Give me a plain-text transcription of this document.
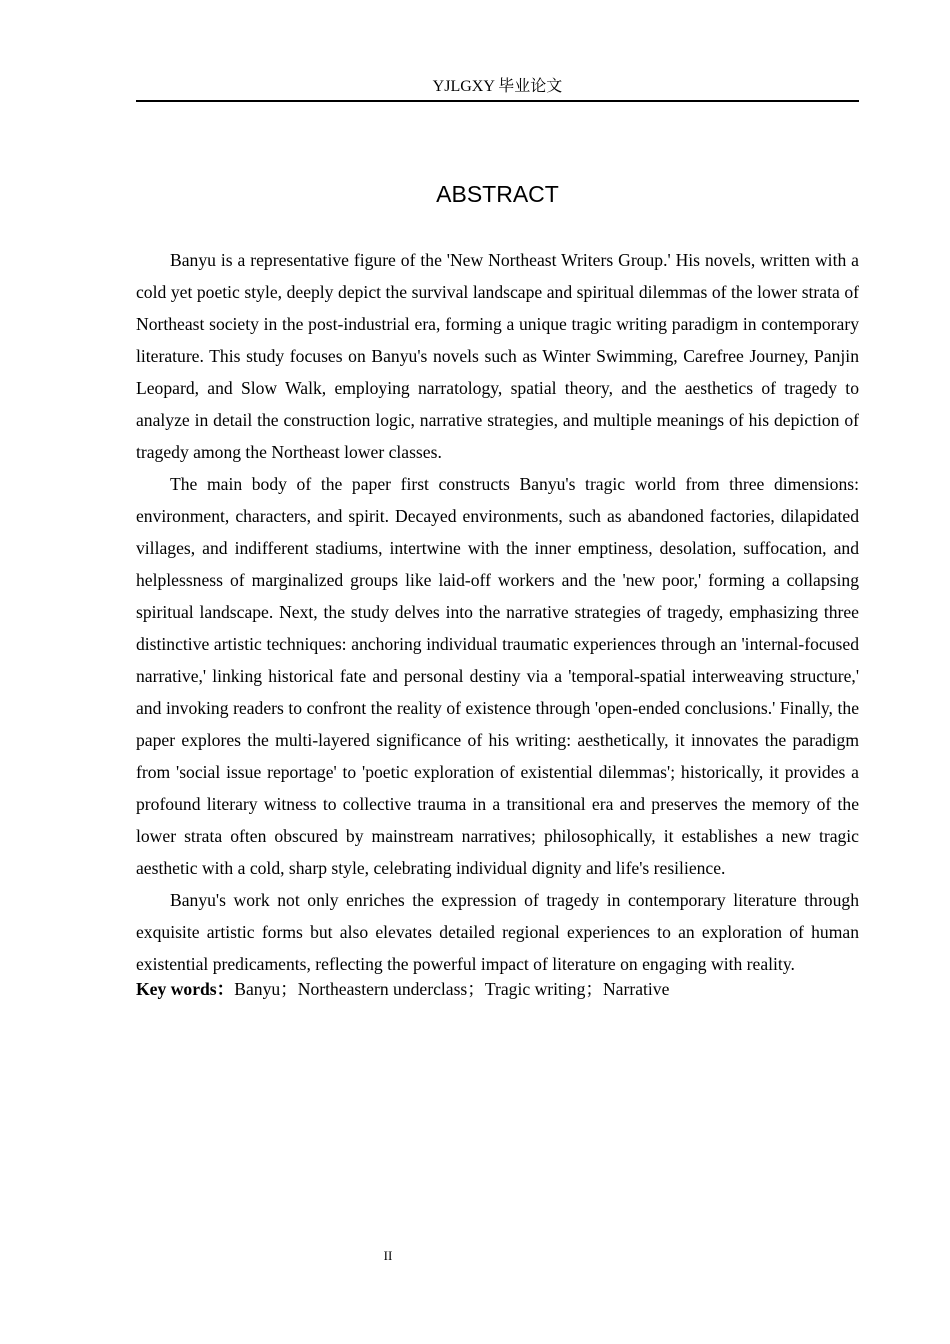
YJLGXY 毕业论文
ABSTRACT

Banyu is a representative figure of the 'New Northeast Writers Group.' His novels, written with a cold yet poetic style, deeply depict the survival landscape and spiritual dilemmas of the lower strata of Northeast society in the post-industrial era, forming a unique tragic writing paradigm in contemporary literature. This study focuses on Banyu's novels such as Winter Swimming, Carefree Journey, Panjin Leopard, and Slow Walk, employing narratology, spatial theory, and the aesthetics of tragedy to analyze in detail the construction logic, narrative strategies, and multiple meanings of his depiction of tragedy among the Northeast lower classes.

The main body of the paper first constructs Banyu's tragic world from three dimensions: environment, characters, and spirit. Decayed environments, such as abandoned factories, dilapidated villages, and indifferent stadiums, intertwine with the inner emptiness, desolation, suffocation, and helplessness of marginalized groups like laid-off workers and the 'new poor,' forming a collapsing spiritual landscape. Next, the study delves into the narrative strategies of tragedy, emphasizing three distinctive artistic techniques: anchoring individual traumatic experiences through an 'internal-focused narrative,' linking historical fate and personal destiny via a 'temporal-spatial interweaving structure,' and invoking readers to confront the reality of existence through 'open-ended conclusions.' Finally, the paper explores the multi-layered significance of his writing: aesthetically, it innovates the paradigm from 'social issue reportage' to 'poetic exploration of existential dilemmas'; historically, it provides a profound literary witness to collective trauma in a transitional era and preserves the memory of the lower strata often obscured by mainstream narratives; philosophically, it establishes a new tragic aesthetic with a cold, sharp style, celebrating individual dignity and life's resilience.

Banyu's work not only enriches the expression of tragedy in contemporary literature through exquisite artistic forms but also elevates detailed regional experiences to an exploration of human existential predicaments, reflecting the powerful impact of literature on engaging with reality.

Key words：Banyu；Northeastern underclass；Tragic writing；Narrative
II
